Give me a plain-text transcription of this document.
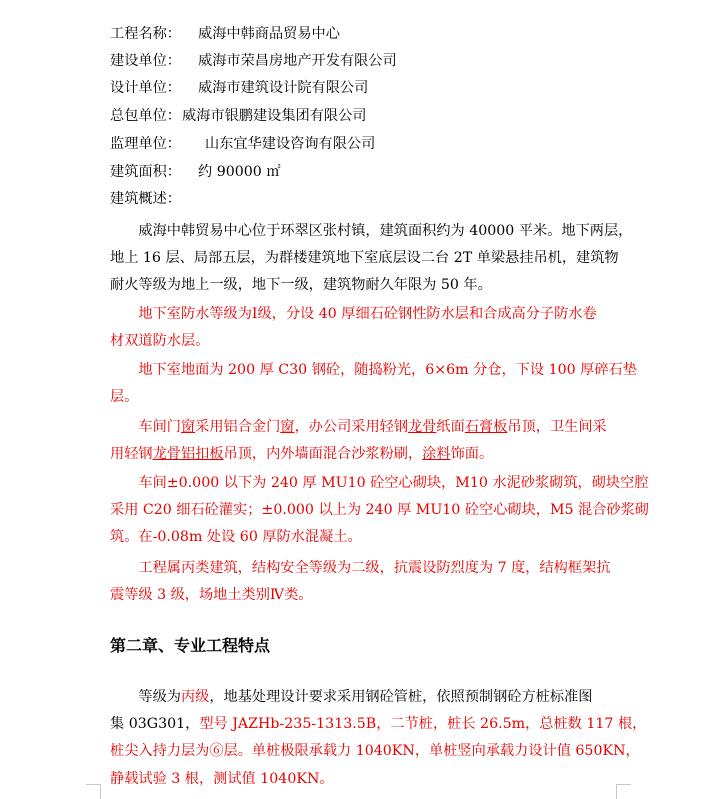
工程名称： 威海中韩商品贸易中心
建设单位： 威海市荣昌房地产开发有限公司
设计单位： 威海市建筑设计院有限公司
总包单位：威海市银鹏建设集团有限公司
监理单位： 山东宜华建设咨询有限公司
建筑面积： 约 90000 ㎡
建筑概述：
　　威海中韩贸易中心位于环翠区张村镇，建筑面积约为 40000 平米。地下两层，
地上 16 层、局部五层，为群楼建筑地下室底层设二台 2T 单梁悬挂吊机，建筑物
耐火等级为地上一级，地下一级，建筑物耐久年限为 50 年。
　　地下室防水等级为Ⅰ级，分设 40 厚细石砼钢性防水层和合成高分子防水卷
材双道防水层。
　　地下室地面为 200 厚 C30 钢砼，随捣粉光，6×6m 分仓，下设 100 厚碎石垫
层。
　　车间门窗采用铝合金门窗，办公司采用轻钢龙骨纸面石膏板吊顶，卫生间采
用轻钢龙骨铝扣板吊顶，内外墙面混合沙浆粉刷，涂料饰面。
　　车间±0.000 以下为 240 厚 MU10 砼空心砌块，M10 水泥砂浆砌筑，砌块空腔
采用 C20 细石砼灌实；±0.000 以上为 240 厚 MU10 砼空心砌块，M5 混合砂浆砌
筑。在-0.08m 处设 60 厚防水混凝土。
　　工程属丙类建筑，结构安全等级为二级，抗震设防烈度为 7 度，结构框架抗
震等级 3 级，场地土类别Ⅳ类。
第二章、专业工程特点
　　等级为丙级，地基处理设计要求采用钢砼管桩，依照预制钢砼方桩标准图
集 03G301，型号 JAZHb-235-1313.5B，二节桩，桩长 26.5m，总桩数 117 根，
桩尖入持力层为⑥层。单桩极限承载力 1040KN，单桩竖向承载力设计值 650KN，
静载试验 3 根，测试值 1040KN。
